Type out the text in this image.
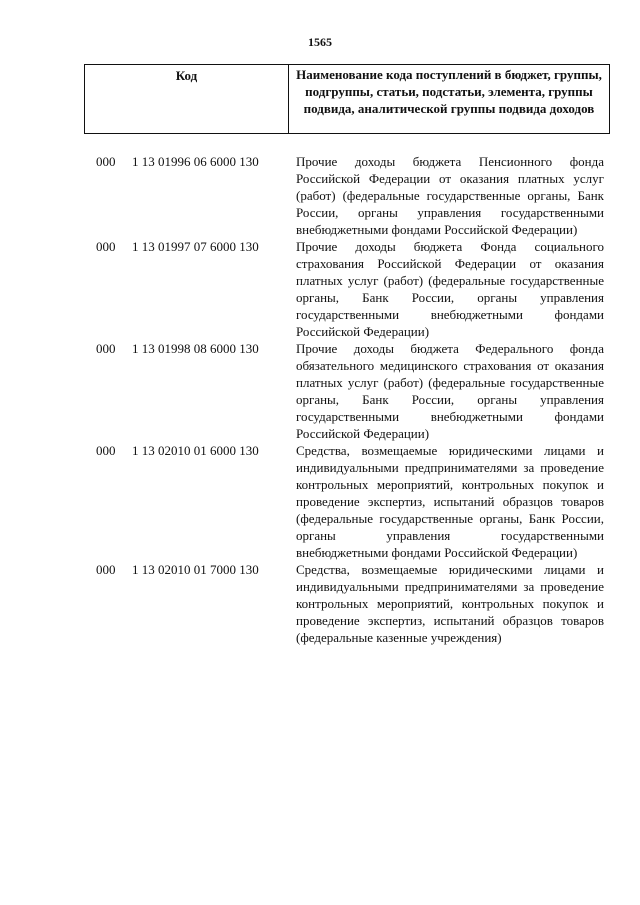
1565
Код	Наименование кода поступлений в бюджет, группы, подгруппы, статьи, подстатьи, элемента, группы подвида, аналитической группы подвида доходов
000	1 13 01996 06 6000 130	Прочие доходы бюджета Пенсионного фонда Российской Федерации от оказания платных услуг (работ) (федеральные государственные органы, Банк России, органы управления государственными внебюджетными фондами Российской Федерации)
000	1 13 01997 07 6000 130	Прочие доходы бюджета Фонда социального страхования Российской Федерации от оказания платных услуг (работ) (федеральные государственные органы, Банк России, органы управления государственными внебюджетными фондами Российской Федерации)
000	1 13 01998 08 6000 130	Прочие доходы бюджета Федерального фонда обязательного медицинского страхования от оказания платных услуг (работ) (федеральные государственные органы, Банк России, органы управления государственными внебюджетными фондами Российской Федерации)
000	1 13 02010 01 6000 130	Средства, возмещаемые юридическими лицами и индивидуальными предпринимателями за проведение контрольных мероприятий, контрольных покупок и проведение экспертиз, испытаний образцов товаров (федеральные государственные органы, Банк России, органы управления государственными внебюджетными фондами Российской Федерации)
000	1 13 02010 01 7000 130	Средства, возмещаемые юридическими лицами и индивидуальными предпринимателями за проведение контрольных мероприятий, контрольных покупок и проведение экспертиз, испытаний образцов товаров (федеральные казенные учреждения)
